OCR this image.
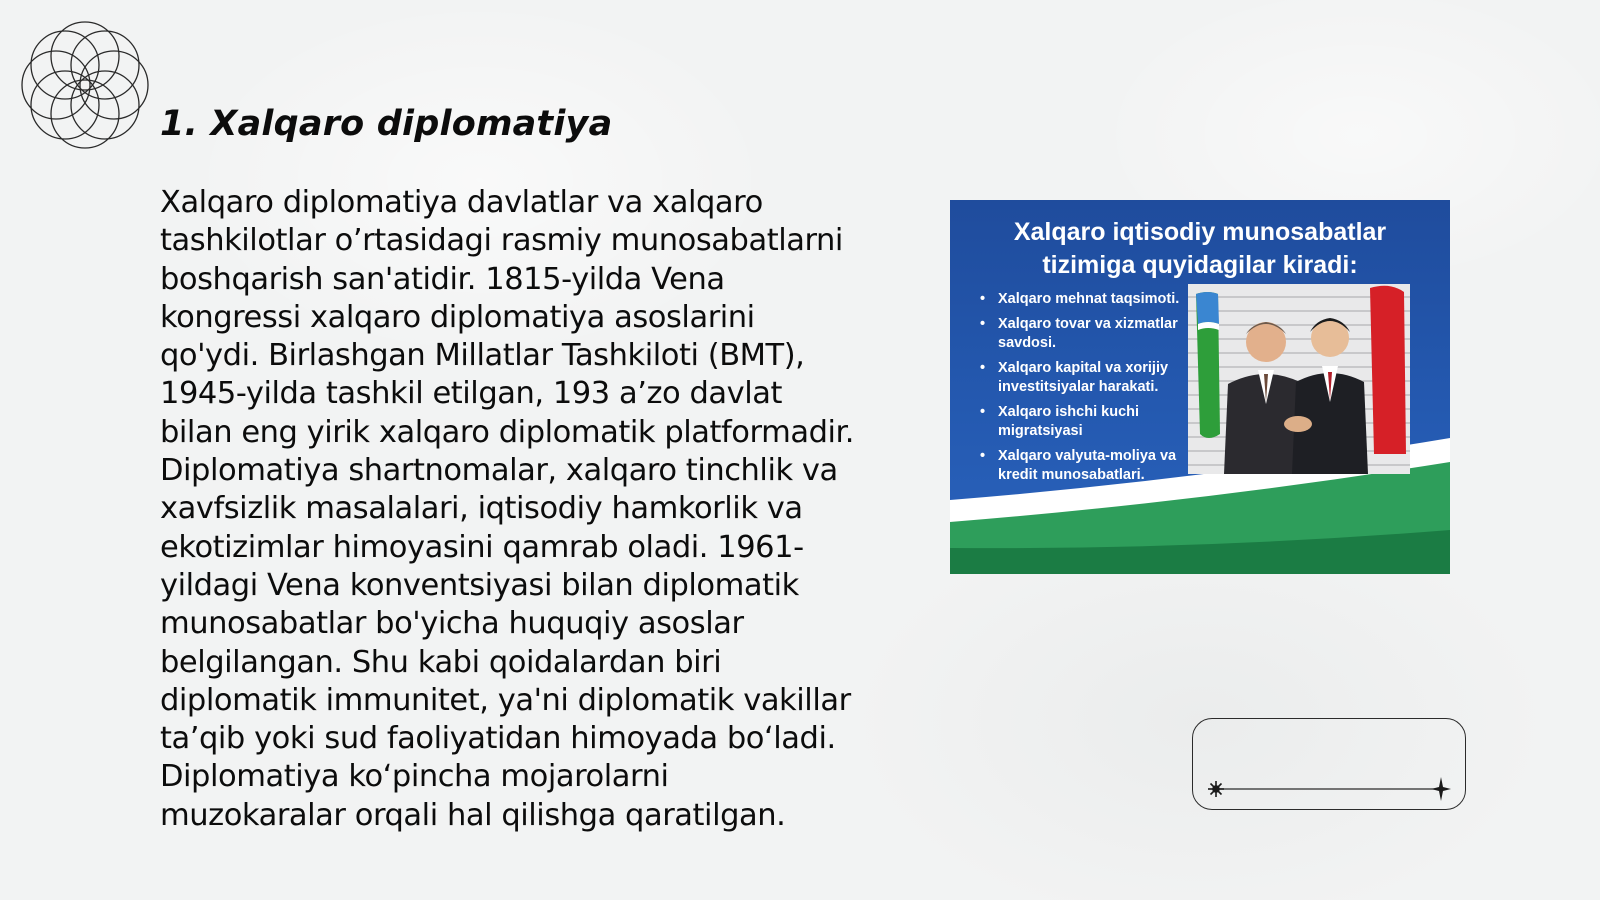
1. Xalqaro diplomatiya

Xalqaro diplomatiya davlatlar va xalqaro tashkilotlar o’rtasidagi rasmiy munosabatlarni boshqarish san'atidir. 1815-yilda Vena kongressi xalqaro diplomatiya asoslarini qo'ydi. Birlashgan Millatlar Tashkiloti (BMT), 1945-yilda tashkil etilgan, 193 a’zo davlat bilan eng yirik xalqaro diplomatik platformadir. Diplomatiya shartnomalar, xalqaro tinchlik va xavfsizlik masalalari, iqtisodiy hamkorlik va ekotizimlar himoyasini qamrab oladi. 1961-yildagi Vena konventsiyasi bilan diplomatik munosabatlar bo'yicha huquqiy asoslar belgilangan. Shu kabi qoidalardan biri diplomatik immunitet, ya'ni diplomatik vakillar ta’qib yoki sud faoliyatidan himoyada bo‘ladi. Diplomatiya ko‘pincha mojarolarni muzokaralar orqali hal qilishga qaratilgan.

Xalqaro iqtisodiy munosabatlar
tizimiga quyidagilar kiradi:
• Xalqaro mehnat taqsimoti.
• Xalqaro tovar va xizmatlar savdosi.
• Xalqaro kapital va xorijiy investitsiyalar harakati.
• Xalqaro ishchi kuchi migratsiyasi
• Xalqaro valyuta-moliya va kredit munosabatlari.
